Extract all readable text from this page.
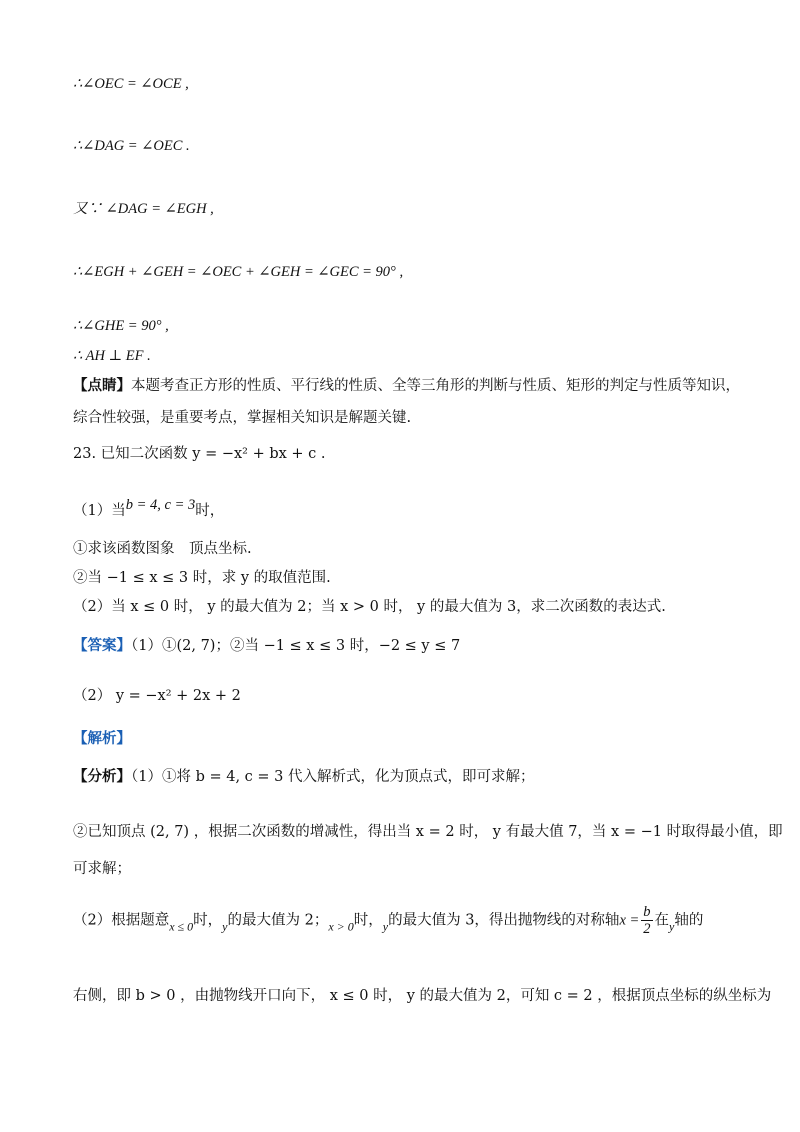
∴∠OEC = ∠OCE ,
∴∠DAG = ∠OEC .
又∵ ∠DAG = ∠EGH ,
∴∠EGH + ∠GEH = ∠OEC + ∠GEH = ∠GEC = 90° ,
∴∠GHE = 90° ,
∴ AH ⊥ EF .
【点睛】本题考查正方形的性质、平行线的性质、全等三角形的判断与性质、矩形的判定与性质等知识，
综合性较强，是重要考点，掌握相关知识是解题关键.
23. 已知二次函数 y = −x² + bx + c .
（1）当b = 4, c = 3时，
①求该函数图象　顶点坐标.
②当 −1 ≤ x ≤ 3 时，求 y 的取值范围.
（2）当 x ≤ 0 时， y 的最大值为 2；当 x > 0 时， y 的最大值为 3，求二次函数的表达式.
【答案】（1）①(2, 7)；②当 −1 ≤ x ≤ 3 时，−2 ≤ y ≤ 7
（2） y = −x² + 2x + 2
【解析】
【分析】（1）①将 b = 4, c = 3 代入解析式，化为顶点式，即可求解；
②已知顶点 (2, 7) ，根据二次函数的增减性，得出当 x = 2 时， y 有最大值 7，当 x = −1 时取得最小值，即
可求解；
（2）根据题意$_{x \le 0}$时，$_y$的最大值为 2；$_{x > 0}$时，$_y$的最大值为 3，得出抛物线的对称轴$x = \frac{b}{2}$ 在$_y$轴的
右侧，即 b > 0 ，由抛物线开口向下， x ≤ 0 时， y 的最大值为 2，可知 c = 2 ，根据顶点坐标的纵坐标为
